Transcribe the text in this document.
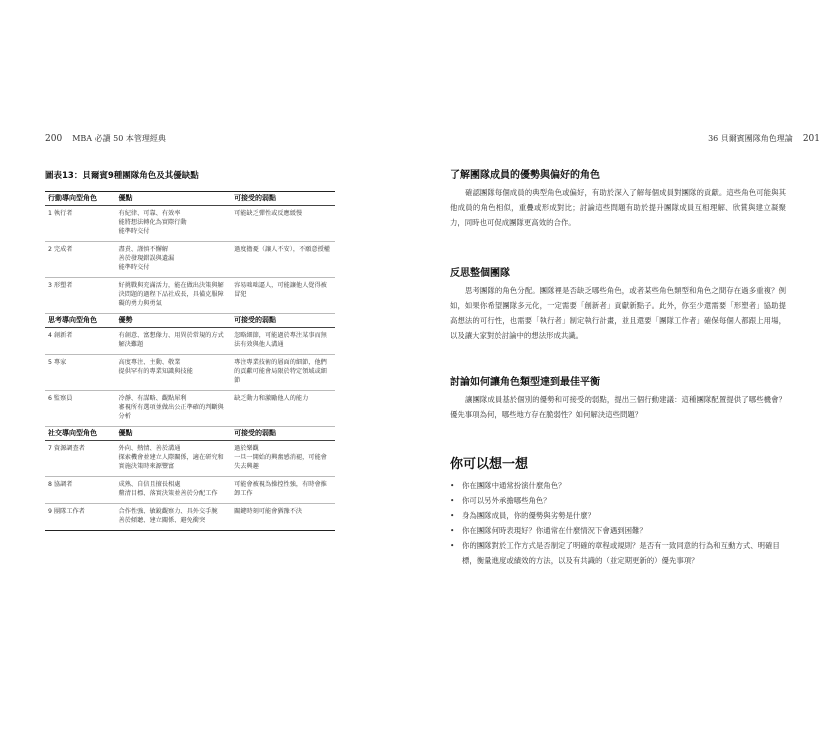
200 MBA 必讀 50 本管理經典
圖表13：貝爾賓9種團隊角色及其優缺點
行動導向型角色	優點	可接受的弱點
1 執行者	有紀律、可靠、有效率
能將想法轉化為實際行動
能準時交付	可能缺乏彈性或反應緩慢

2 完成者	盡責、謹慎不懈解
善於發現錯誤與遺漏
能準時交付	過度擔憂（讓人不安），不願意授權

3 形塑者	好挑戰與充滿活力，能在做出決策與解決問題的過程下品社成長，具備克服障礙的勇力與勇氣	容易咄咄逼人，可能讓他人覺得被冒犯

思考導向型角色	優勢	可接受的弱點
4 創新者	有創意、富想像力、用異於常規的方式解決難題	忽略細節，可能過於專注某事而無法有效與他人溝通

5 專家	高度專注、主動、敬業
提供罕有的專業知識與技能	專注專業技術的層面的細節，他們的貢獻可能會局限於特定領域或細節

6 監察員	冷靜、有謀略、觀點犀利
審視所有選項並做出公正準確的判斷與分析	缺乏動力和激勵他人的能力

社交導向型角色	優點	可接受的弱點
7 資源調查者	外向、熱情、善於溝通
探索機會並建立人際關係，適在研究和實施決策時來源豐富	過於樂觀
一旦一開始的興奮感消褪，可能會失去興趣

8 協調者	成熟、自信且擅長相處
釐清目標、落實決策並善於分配工作	可能會被視為操控性強，有時會推卸工作

9 團隊工作者	合作性強、敏銳觀察力、具外交手腕
善於傾聽、建立關係、避免衝突	關鍵時刻可能會猶豫不決
36 貝爾賓團隊角色理論 201
了解團隊成員的優勢與偏好的角色

確認團隊每個成員的典型角色或偏好，有助於深入了解每個成員對團隊的貢獻。這些角色可能與其他成員的角色相似，重疊或形成對比；討論這些問題有助於提升團隊成員互相理解、欣賞與建立凝聚力，同時也可促成團隊更高效的合作。

反思整個團隊

思考團隊的角色分配。團隊裡是否缺乏哪些角色，或者某些角色類型和角色之間存在過多重複？例如，如果你希望團隊多元化，一定需要「創新者」貢獻新點子。此外，你至少還需要「形塑者」協助提高想法的可行性，也需要「執行者」制定執行計畫，並且還要「團隊工作者」確保每個人都跟上用場，以及讓大家對於討論中的想法形成共識。

討論如何讓角色類型達到最佳平衡

讓團隊成員基於個別的優勢和可接受的弱點，提出三個行動建議：這種團隊配置提供了哪些機會？優先事項為何，哪些地方存在脆弱性？如何解決這些問題？

你可以想一想
• 你在團隊中通常扮演什麼角色？
• 你可以另外承擔哪些角色？
• 身為團隊成員，你的優勢與劣勢是什麼？
• 你在團隊何時表現好？你通常在什麼情況下會遇到困難？
• 你的團隊對於工作方式是否制定了明確的章程或規則？是否有一致同意的行為和互動方式、明確目標，衡量進度或績效的方法，以及有共識的（並定期更新的）優先事項？
